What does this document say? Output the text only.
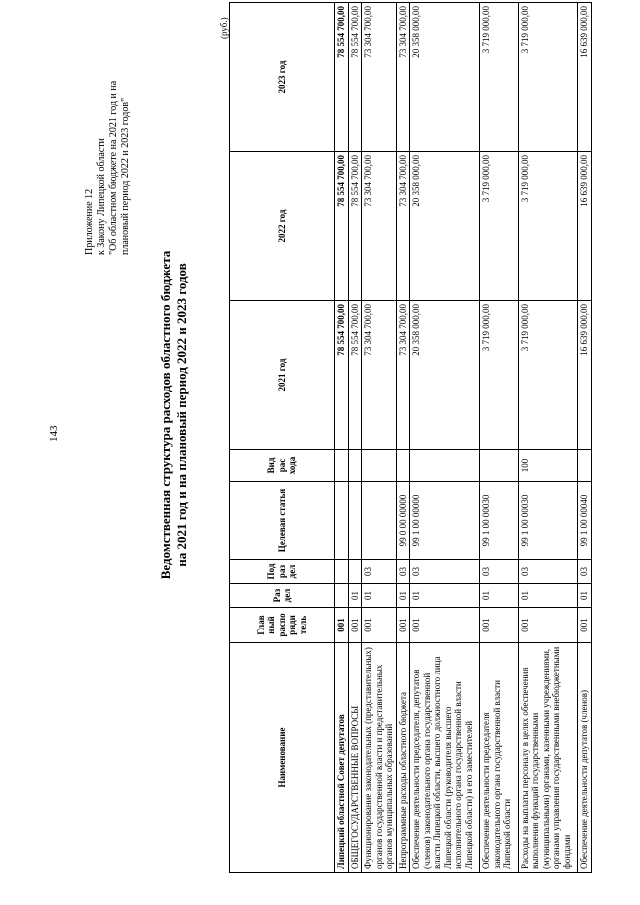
143
Приложение 12 к Закону Липецкой области "Об областном бюджете на 2021 год и на плановый период 2022 и 2023 годов"
Ведомственная структура расходов областного бюджета на 2021 год и на плановый период 2022 и 2023 годов
(руб.)
Наименование	Глав ный распо ряди тель	Раз дел	Под раз дел	Целевая статья	Вид рас хода	2021 год	2022 год	2023 год
Липецкий областной Совет депутатов	001					78 554 700,00	78 554 700,00	78 554 700,00
ОБЩЕГОСУДАРСТВЕННЫЕ ВОПРОСЫ	001	01				78 554 700,00	78 554 700,00	78 554 700,00
Функционирование законодательных (представительных) органов государственной власти и представительных органов муниципальных образований	001	01	03			73 304 700,00	73 304 700,00	73 304 700,00
Непрограммные расходы областного бюджета	001	01	03	99 0 00 00000		73 304 700,00	73 304 700,00	73 304 700,00
Обеспечение деятельности председателя, депутатов (членов) законодательного органа государственной власти Липецкой области, высшего должностного лица Липецкой области (руководителя высшего исполнительного органа государственной власти Липецкой области) и его заместителей	001	01	03	99 1 00 00000		20 358 000,00	20 358 000,00	20 358 000,00
Обеспечение деятельности председателя законодательного органа государственной власти Липецкой области	001	01	03	99 1 00 00030		3 719 000,00	3 719 000,00	3 719 000,00
Расходы на выплаты персоналу в целях обеспечения выполнения функций государственными (муниципальными) органами, казенными учреждениями, органами управления государственными внебюджетными фондами	001	01	03	99 1 00 00030	100	3 719 000,00	3 719 000,00	3 719 000,00
Обеспечение деятельности депутатов (членов)	001	01	03	99 1 00 00040		16 639 000,00	16 639 000,00	16 639 000,00
